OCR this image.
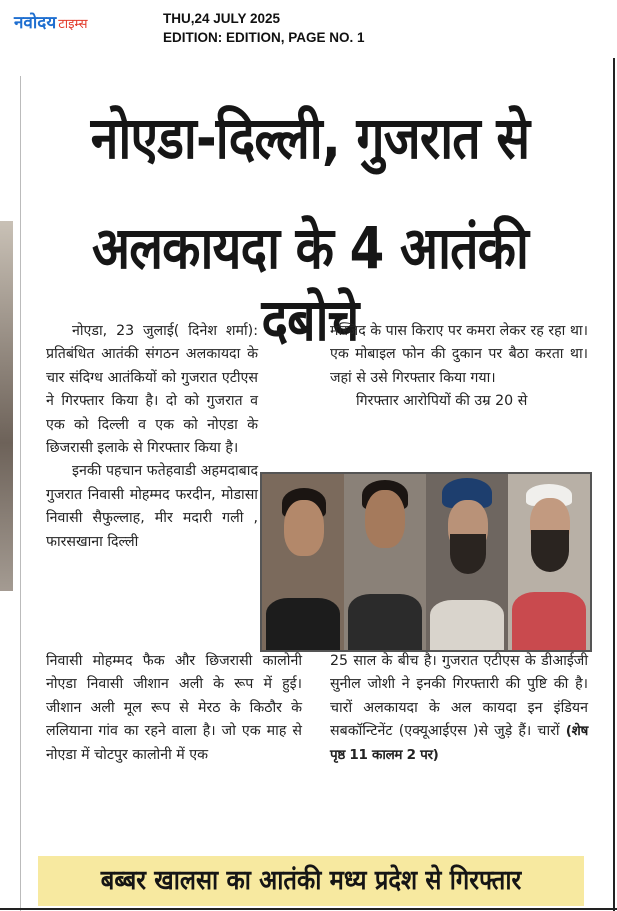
नवोदय टाइम्स	THU,24 JULY 2025
EDITION: EDITION, PAGE NO. 1
नोएडा-दिल्ली, गुजरात से
अलकायदा के 4 आतंकी दबोचे
नोएडा, 23 जुलाई( दिनेश शर्मा): प्रतिबंधित आतंकी संगठन अलकायदा के चार संदिग्ध आतंकियों को गुजरात एटीएस ने गिरफ्तार किया है। दो को गुजरात व एक को दिल्ली व एक को नोएडा के छिजरासी इलाके से गिरफ्तार किया है।
इनकी पहचान फतेहवाडी अहमदाबाद गुजरात निवासी मोहम्मद फरदीन, मोडासा निवासी सैफुल्लाह, मीर मदारी गली , फारसखाना दिल्ली
मस्जिद के पास किराए पर कमरा लेकर रह रहा था। एक मोबाइल फोन की दुकान पर बैठा करता था। जहां से उसे गिरफ्तार किया गया।
गिरफ्तार आरोपियों की उम्र 20 से
निवासी मोहम्मद फैक और छिजरासी कालोनी नोएडा निवासी जीशान अली के रूप में हुई। जीशान अली मूल रूप से मेरठ के किठौर के ललियाना गांव का रहने वाला है। जो एक माह से नोएडा में चोटपुर कालोनी में एक
25 साल के बीच है। गुजरात एटीएस के डीआईजी सुनील जोशी ने इनकी गिरफ्तारी की पुष्टि की है। चारों अलकायदा के अल कायदा इन इंडियन सबकॉन्टिनेंट (एक्यूआईएस )से जुड़े हैं। चारों (शेष पृष्ठ 11 कालम 2 पर)
बब्बर खालसा का आतंकी मध्य प्रदेश से गिरफ्तार
